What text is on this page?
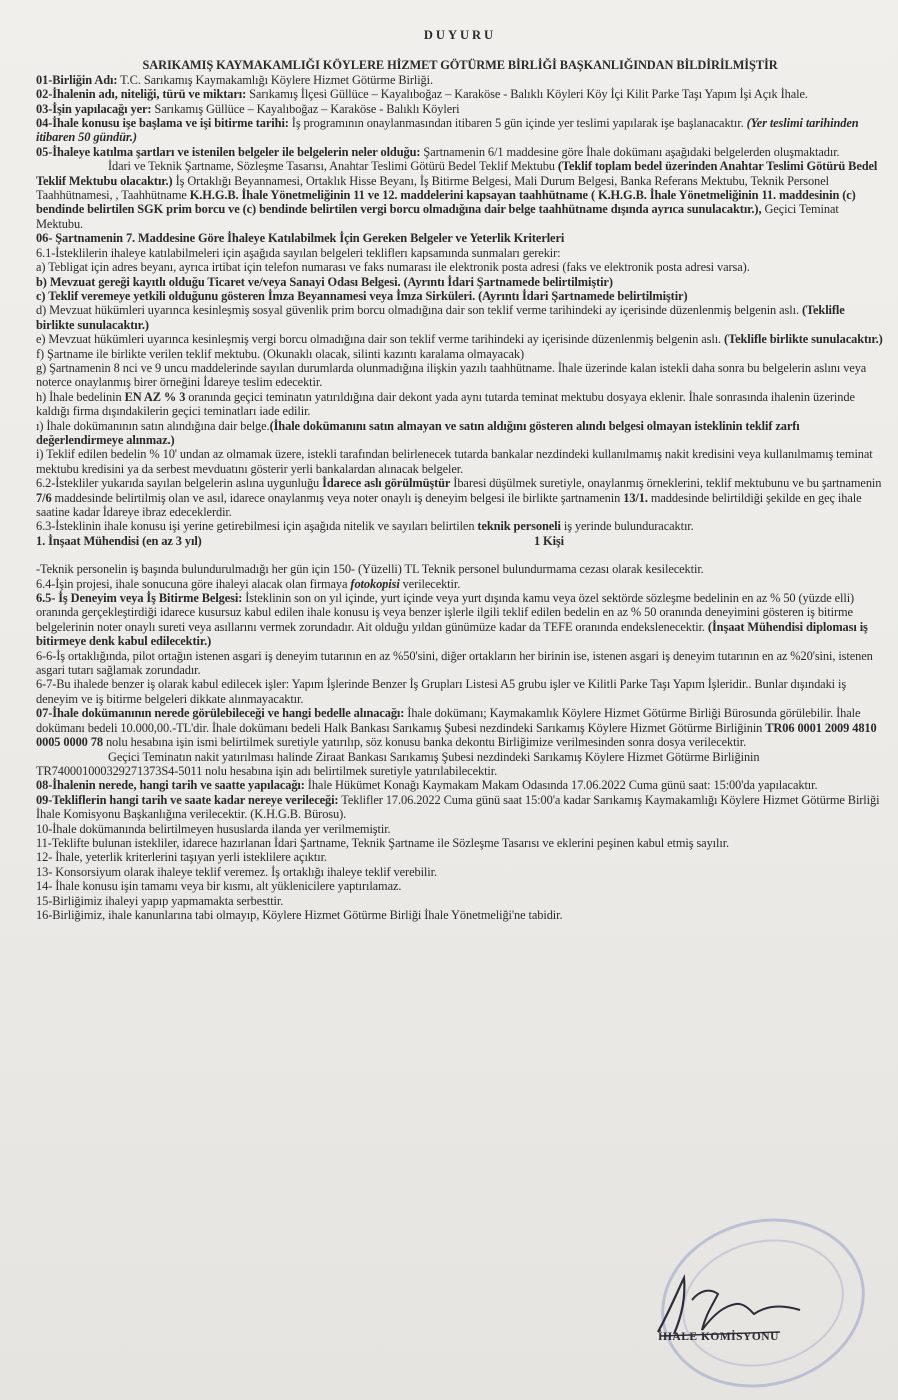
DUYURU
SARIKAMIŞ KAYMAKAMLIĞI KÖYLERE HİZMET GÖTÜRME BİRLİĞİ BAŞKANLIĞINDAN BİLDİRİLMİŞTİR

01-Birliğin Adı: T.C. Sarıkamış Kaymakamlığı Köylere Hizmet Götürme Birliği.

02-İhalenin adı, niteliği, türü ve miktarı: Sarıkamış İlçesi Güllüce – Kayalıboğaz – Karaköse - Balıklı Köyleri Köy İçi Kilit Parke Taşı Yapım İşi Açık İhale.

03-İşin yapılacağı yer: Sarıkamış Güllüce – Kayalıboğaz – Karaköse - Balıklı Köyleri

04-İhale konusu işe başlama ve işi bitirme tarihi: İş programının onaylanmasından itibaren 5 gün içinde yer teslimi yapılarak işe başlanacaktır. (Yer teslimi tarihinden itibaren 50 gündür.)

05-İhaleye katılma şartları ve istenilen belgeler ile belgelerin neler olduğu: Şartnamenin 6/1 maddesine göre İhale dokümanı aşağıdaki belgelerden oluşmaktadır.

İdari ve Teknik Şartname, Sözleşme Tasarısı, Anahtar Teslimi Götürü Bedel Teklif Mektubu (Teklif toplam bedel üzerinden Anahtar Teslimi Götürü Bedel Teklif Mektubu olacaktır.) İş Ortaklığı Beyannamesi, Ortaklık Hisse Beyanı, İş Bitirme Belgesi, Mali Durum Belgesi, Banka Referans Mektubu, Teknik Personel Taahhütnamesi, , Taahhütname K.H.G.B. İhale Yönetmeliğinin 11 ve 12. maddelerini kapsayan taahhütname ( K.H.G.B. İhale Yönetmeliğinin 11. maddesinin (c) bendinde belirtilen SGK prim borcu ve (c) bendinde belirtilen vergi borcu olmadığına dair belge taahhütname dışında ayrıca sunulacaktır.), Geçici Teminat Mektubu.

06- Şartnamenin 7. Maddesine Göre İhaleye Katılabilmek İçin Gereken Belgeler ve Yeterlik Kriterleri

6.1-İsteklilerin ihaleye katılabilmeleri için aşağıda sayılan belgeleri tekliflerı kapsamında sunmaları gerekir:

a) Tebligat için adres beyanı, ayrıca irtibat için telefon numarası ve faks numarası ile elektronik posta adresi (faks ve elektronik posta adresi varsa).

b) Mevzuat gereği kayıtlı olduğu Ticaret ve/veya Sanayi Odası Belgesi. (Ayrıntı İdari Şartnamede belirtilmiştir)

c) Teklif veremeye yetkili olduğunu gösteren İmza Beyannamesi veya İmza Sirküleri. (Ayrıntı İdari Şartnamede belirtilmiştir)

d) Mevzuat hükümleri uyarınca kesinleşmiş sosyal güvenlik prim borcu olmadığına dair son teklif verme tarihindeki ay içerisinde düzenlenmiş belgenin aslı. (Teklifle birlikte sunulacaktır.)

e) Mevzuat hükümleri uyarınca kesinleşmiş vergi borcu olmadığına dair son teklif verme tarihindeki ay içerisinde düzenlenmiş belgenin aslı. (Teklifle birlikte sunulacaktır.)

f) Şartname ile birlikte verilen teklif mektubu. (Okunaklı olacak, silinti kazıntı karalama olmayacak)

g) Şartnamenin 8 nci ve 9 uncu maddelerinde sayılan durumlarda olunmadığına ilişkin yazılı taahhütname. İhale üzerinde kalan istekli daha sonra bu belgelerin aslını veya noterce onaylanmış birer örneğini İdareye teslim edecektir.

h) İhale bedelinin EN AZ % 3 oranında geçici teminatın yatırıldığına dair dekont yada aynı tutarda teminat mektubu dosyaya eklenir. İhale sonrasında ihalenin üzerinde kaldığı firma dışındakilerin geçici teminatları iade edilir.

ı) İhale dokümanının satın alındığına dair belge.(İhale dokümanını satın almayan ve satın aldığını gösteren alındı belgesi olmayan isteklinin teklif zarfı değerlendirmeye alınmaz.)

i) Teklif edilen bedelin % 10' undan az olmamak üzere, istekli tarafından belirlenecek tutarda bankalar nezdindeki kullanılmamış nakit kredisini veya kullanılmamış teminat mektubu kredisini ya da serbest mevduatını gösterir yerli bankalardan alınacak belgeler.

6.2-İstekliler yukarıda sayılan belgelerin aslına uygunluğu İdarece aslı görülmüştür İbaresi düşülmek suretiyle, onaylanmış örneklerini, teklif mektubunu ve bu şartnamenin 7/6 maddesinde belirtilmiş olan ve asıl, idarece onaylanmış veya noter onaylı iş deneyim belgesi ile birlikte şartnamenin 13/1. maddesinde belirtildiği şekilde en geç ihale saatine kadar İdareye ibraz edeceklerdir.

6.3-İsteklinin ihale konusu işi yerine getirebilmesi için aşağıda nitelik ve sayıları belirtilen teknik personeli iş yerinde bulunduracaktır.

1. İnşaat Mühendisi (en az 3 yıl)	1 Kişi

-Teknik personelin iş başında bulundurulmadığı her gün için 150- (Yüzelli) TL Teknik personel bulundurmama cezası olarak kesilecektir.

6.4-İşin projesi, ihale sonucuna göre ihaleyi alacak olan firmaya fotokopisi verilecektir.

6.5- İş Deneyim veya İş Bitirme Belgesi: İsteklinin son on yıl içinde, yurt içinde veya yurt dışında kamu veya özel sektörde sözleşme bedelinin en az % 50 (yüzde elli) oranında gerçekleştirdiği idarece kusursuz kabul edilen ihale konusu iş veya benzer işlerle ilgili teklif edilen bedelin en az % 50 oranında deneyimini gösteren iş bitirme belgelerinin noter onaylı sureti veya asıllarını vermek zorundadır. Ait olduğu yıldan günümüze kadar da TEFE oranında endekslenecektir. (İnşaat Mühendisi diploması iş bitirmeye denk kabul edilecektir.)

6-6-İş ortaklığında, pilot ortağın istenen asgari iş deneyim tutarının en az %50'sini, diğer ortakların her birinin ise, istenen asgari iş deneyim tutarının en az %20'sini, istenen asgari tutarı sağlamak zorundadır.

6-7-Bu ihalede benzer iş olarak kabul edilecek işler: Yapım İşlerinde Benzer İş Grupları Listesi A5 grubu işler ve Kilitli Parke Taşı Yapım İşleridir.. Bunlar dışındaki iş deneyim ve iş bitirme belgeleri dikkate alınmayacaktır.

07-İhale dokümanının nerede görülebileceği ve hangi bedelle alınacağı: İhale dokümanı; Kaymakamlık Köylere Hizmet Götürme Birliği Bürosunda görülebilir. İhale dokümanı bedeli 10.000,00.-TL'dir. İhale dokümanı bedeli Halk Bankası Sarıkamış Şubesi nezdindeki Sarıkamış Köylere Hizmet Götürme Birliğinin TR06 0001 2009 4810 0005 0000 78 nolu hesabına işin ismi belirtilmek suretiyle yatırılıp, söz konusu banka dekontu Birliğimize verilmesinden sonra dosya verilecektir.

Geçici Teminatın nakit yatırılması halinde Ziraat Bankası Sarıkamış Şubesi nezdindeki Sarıkamış Köylere Hizmet Götürme Birliğinin TR740001000329271373S4-5011 nolu hesabına işin adı belirtilmek suretiyle yatırılabilecektir.

08-İhalenin nerede, hangi tarih ve saatte yapılacağı: İhale Hükümet Konağı Kaymakam Makam Odasında 17.06.2022 Cuma günü saat: 15:00'da yapılacaktır.

09-Tekliflerin hangi tarih ve saate kadar nereye verileceği: Teklifler 17.06.2022 Cuma günü saat 15:00'a kadar Sarıkamış Kaymakamlığı Köylere Hizmet Götürme Birliği İhale Komisyonu Başkanlığına verilecektir. (K.H.G.B. Bürosu).

10-İhale dokümanında belirtilmeyen hususlarda ilanda yer verilmemiştir.

11-Teklifte bulunan istekliler, idarece hazırlanan İdari Şartname, Teknik Şartname ile Sözleşme Tasarısı ve eklerini peşinen kabul etmiş sayılır.

12- İhale, yeterlik kriterlerini taşıyan yerli isteklilere açıktır.

13- Konsorsiyum olarak ihaleye teklif veremez. İş ortaklığı ihaleye teklif verebilir.

14- İhale konusu işin tamamı veya bir kısmı, alt yüklenicilere yaptırılamaz.

15-Birliğimiz ihaleyi yapıp yapmamakta serbesttir.

16-Birliğimiz, ihale kanunlarına tabi olmayıp, Köylere Hizmet Götürme Birliği İhale Yönetmeliği'ne tabidir.

İHALE KOMİSYONU
